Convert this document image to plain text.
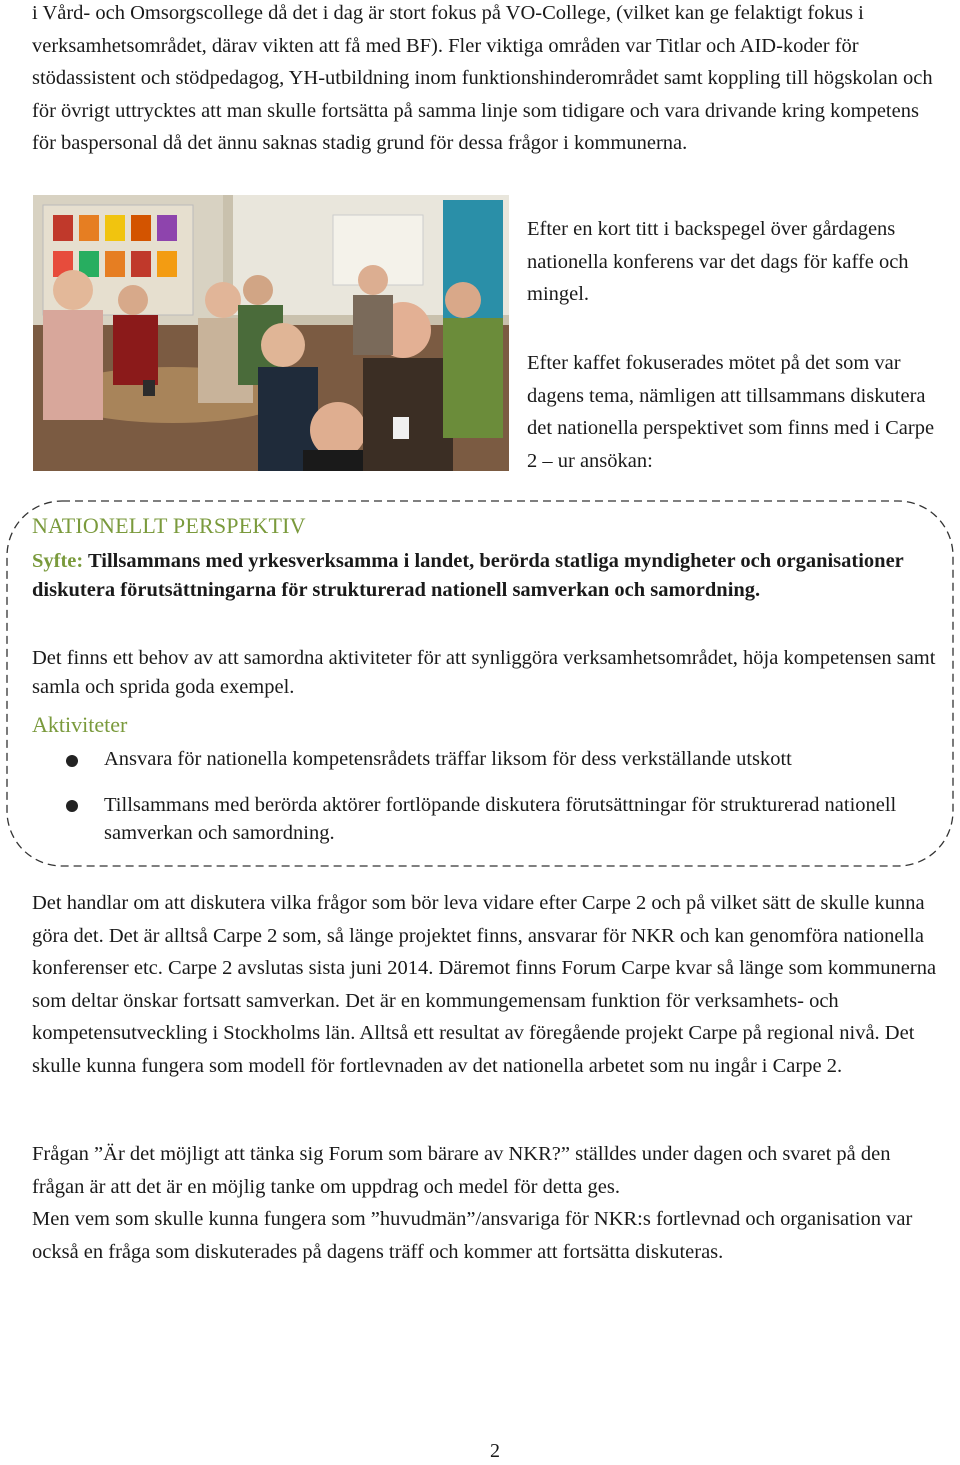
i Vård- och Omsorgscollege då det i dag är stort fokus på VO-College, (vilket kan ge felaktigt fokus i verksamhetsområdet, därav vikten att få med BF). Fler viktiga områden var Titlar och AID-koder för stödassistent och stödpedagog, YH-utbildning inom funktionshinderområdet samt koppling till högskolan och för övrigt uttrycktes att man skulle fortsätta på samma linje som tidigare och vara drivande kring kompetens för baspersonal då det ännu saknas stadig grund för dessa frågor i kommunerna.

Efter en kort titt i backspegel över gårdagens nationella konferens var det dags för kaffe och mingel.

Efter kaffet fokuserades mötet på det som var dagens tema, nämligen att tillsammans diskutera det nationella perspektivet som finns med i Carpe 2 – ur ansökan:

NATIONELLT PERSPEKTIV

Syfte: Tillsammans med yrkesverksamma i landet, berörda statliga myndigheter och organisationer diskutera förutsättningarna för strukturerad nationell samverkan och samordning.

Det finns ett behov av att samordna aktiviteter för att synliggöra verksamhetsområdet, höja kompetensen samt samla och sprida goda exempel.

Aktiviteter

Ansvara för nationella kompetensrådets träffar liksom för dess verkställande utskott

Tillsammans med berörda aktörer fortlöpande diskutera förutsättningar för strukturerad nationell samverkan och samordning.

Det handlar om att diskutera vilka frågor som bör leva vidare efter Carpe 2 och på vilket sätt de skulle kunna göra det. Det är alltså Carpe 2 som, så länge projektet finns, ansvarar för NKR och kan genomföra nationella konferenser etc. Carpe 2 avslutas sista juni 2014. Däremot finns Forum Carpe kvar så länge som kommunerna som deltar önskar fortsatt samverkan. Det är en kommungemensam funktion för verksamhets- och kompetensutveckling i Stockholms län. Alltså ett resultat av föregående projekt Carpe på regional nivå. Det skulle kunna fungera som modell för fortlevnaden av det nationella arbetet som nu ingår i Carpe 2.

Frågan ”Är det möjligt att tänka sig Forum som bärare av NKR?” ställdes under dagen och svaret på den frågan är att det är en möjlig tanke om uppdrag och medel för detta ges.

Men vem som skulle kunna fungera som ”huvudmän”/ansvariga för NKR:s fortlevnad och organisation var också en fråga som diskuterades på dagens träff och kommer att fortsätta diskuteras.

2
